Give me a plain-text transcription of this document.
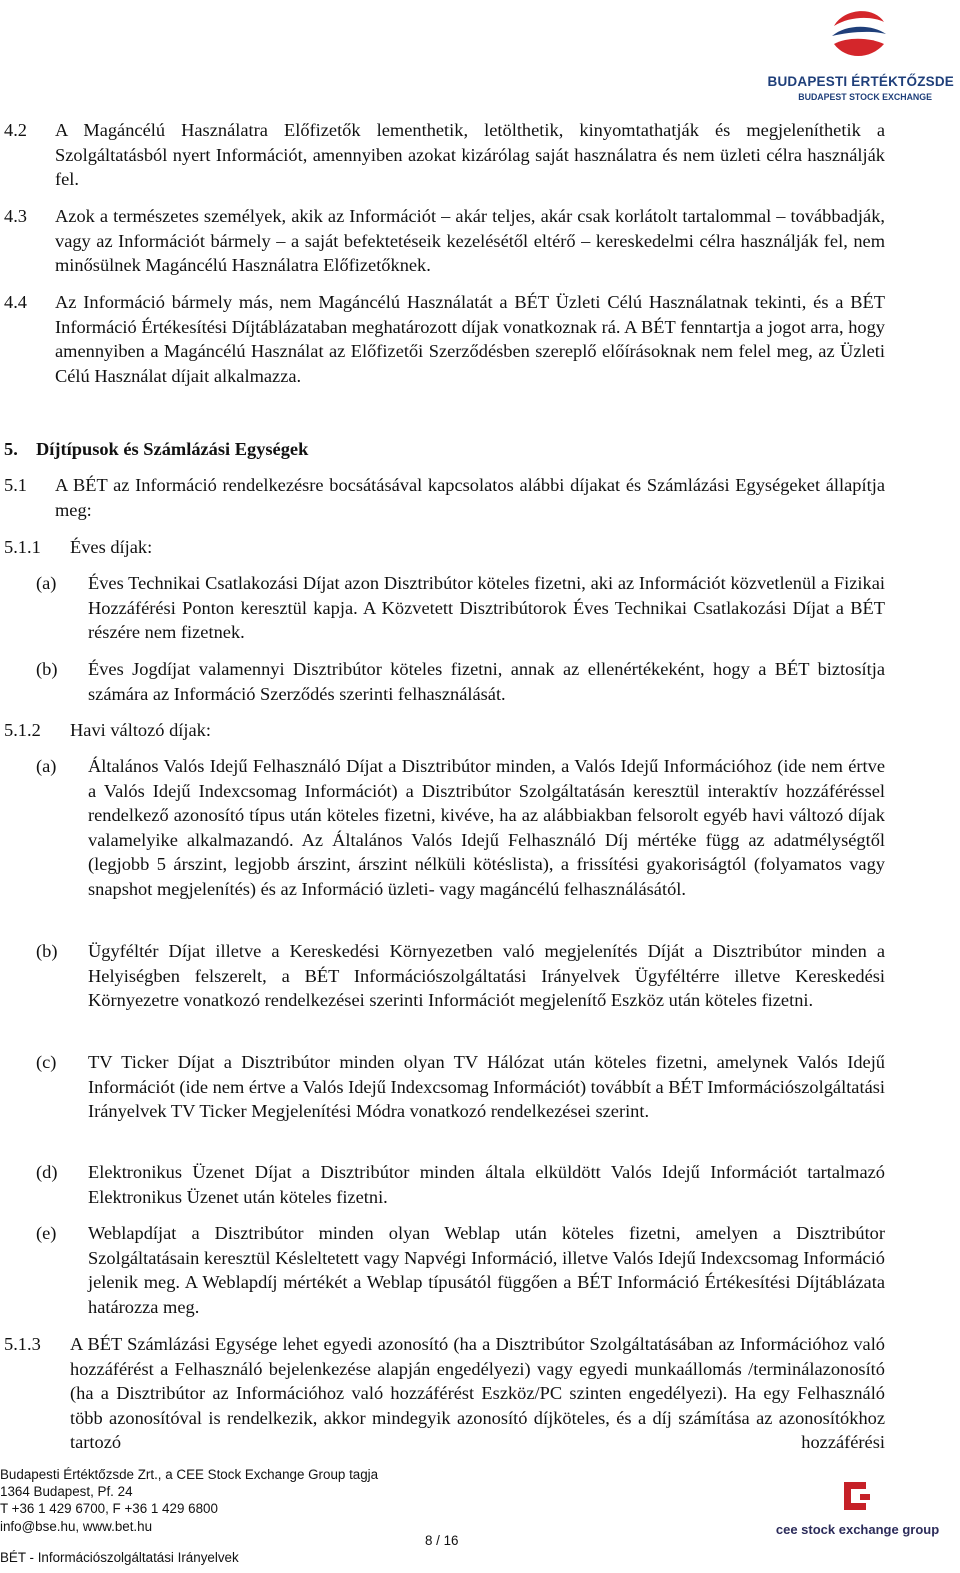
BUDAPESTI ÉRTÉKTŐZSDE
BUDAPEST STOCK EXCHANGE
4.2 A Magáncélú Használatra Előfizetők lementhetik, letölthetik, kinyomtathatják és megjeleníthetik a Szolgáltatásból nyert Információt, amennyiben azokat kizárólag saját használatra és nem üzleti célra használják fel.
4.3 Azok a természetes személyek, akik az Információt – akár teljes, akár csak korlátolt tartalommal – továbbadják, vagy az Információt bármely – a saját befektetéseik kezelésétől eltérő – kereskedelmi célra használják fel, nem minősülnek Magáncélú Használatra Előfizetőknek.
4.4 Az Információ bármely más, nem Magáncélú Használatát a BÉT Üzleti Célú Használatnak tekinti, és a BÉT Információ Értékesítési Díjtáblázataban meghatározott díjak vonatkoznak rá. A BÉT fenntartja a jogot arra, hogy amennyiben a Magáncélú Használat az Előfizetői Szerződésben szereplő előírásoknak nem felel meg, az Üzleti Célú Használat díjait alkalmazza.
5. Díjtípusok és Számlázási Egységek
5.1 A BÉT az Információ rendelkezésre bocsátásával kapcsolatos alábbi díjakat és Számlázási Egységeket állapítja meg:
5.1.1 Éves díjak:
(a) Éves Technikai Csatlakozási Díjat azon Disztribútor köteles fizetni, aki az Információt közvetlenül a Fizikai Hozzáférési Ponton keresztül kapja. A Közvetett Disztribútorok Éves Technikai Csatlakozási Díjat a BÉT részére nem fizetnek.
(b) Éves Jogdíjat valamennyi Disztribútor köteles fizetni, annak az ellenértékeként, hogy a BÉT biztosítja számára az Információ Szerződés szerinti felhasználását.
5.1.2 Havi változó díjak:
(a) Általános Valós Idejű Felhasználó Díjat a Disztribútor minden, a Valós Idejű Információhoz (ide nem értve a Valós Idejű Indexcsomag Információt) a Disztribútor Szolgáltatásán keresztül interaktív hozzáféréssel rendelkező azonosító típus után köteles fizetni, kivéve, ha az alábbiakban felsorolt egyéb havi változó díjak valamelyike alkalmazandó. Az Általános Valós Idejű Felhasználó Díj mértéke függ az adatmélységtől (legjobb 5 árszint, legjobb árszint, árszint nélküli kötéslista), a frissítési gyakoriságtól (folyamatos vagy snapshot megjelenítés) és az Információ üzleti- vagy magáncélú felhasználásától.
(b) Ügyféltér Díjat illetve a Kereskedési Környezetben való megjelenítés Díját a Disztribútor minden a Helyiségben felszerelt, a BÉT Információszolgáltatási Irányelvek Ügyféltérre illetve Kereskedési Környezetre vonatkozó rendelkezései szerinti Információt megjelenítő Eszköz után köteles fizetni.
(c) TV Ticker Díjat a Disztribútor minden olyan TV Hálózat után köteles fizetni, amelynek Valós Idejű Információt (ide nem értve a Valós Idejű Indexcsomag Információt) továbbít a BÉT Imformációszolgáltatási Irányelvek TV Ticker Megjelenítési Módra vonatkozó rendelkezései szerint.
(d) Elektronikus Üzenet Díjat a Disztribútor minden általa elküldött Valós Idejű Információt tartalmazó Elektronikus Üzenet után köteles fizetni.
(e) Weblapdíjat a Disztribútor minden olyan Weblap után köteles fizetni, amelyen a Disztribútor Szolgáltatásain keresztül Késleltetett vagy Napvégi Információ, illetve Valós Idejű Indexcsomag Információ jelenik meg. A Weblapdíj mértékét a Weblap típusától függően a BÉT Információ Értékesítési Díjtáblázata határozza meg.
5.1.3 A BÉT Számlázási Egysége lehet egyedi azonosító (ha a Disztribútor Szolgáltatásában az Információhoz való hozzáférést a Felhasználó bejelenkezése alapján engedélyezi) vagy egyedi munkaállomás /terminálazonosító (ha a Disztribútor az Információhoz való hozzáférést Eszköz/PC szinten engedélyezi). Ha egy Felhasználó több azonosítóval is rendelkezik, akkor mindegyik azonosító díjköteles, és a díj számítása az azonosítókhoz tartozó hozzáférési
Budapesti Értéktőzsde Zrt., a CEE Stock Exchange Group tagja
1364 Budapest, Pf. 24
T +36 1 429 6700, F +36 1 429 6800
info@bse.hu, www.bet.hu
8 / 16
BÉT - Információszolgáltatási Irányelvek
cee stock exchange group
